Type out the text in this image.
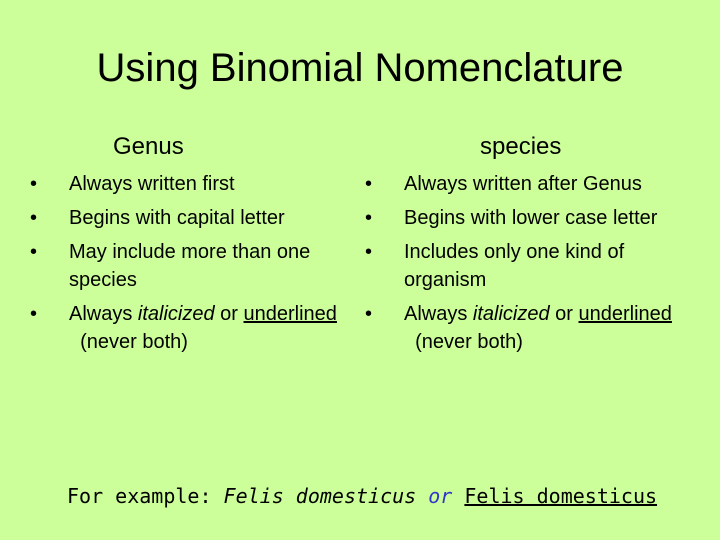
Using Binomial Nomenclature
Genus	species
•	Always written first
•	Begins with capital letter
•	May include more than one species
•	Always italicized or underlined  (never both)
•	Always written after Genus
•	Begins with lower case letter
•	Includes only one kind of organism
•	Always italicized or underlined  (never both)
For example: Felis domesticus or Felis domesticus
